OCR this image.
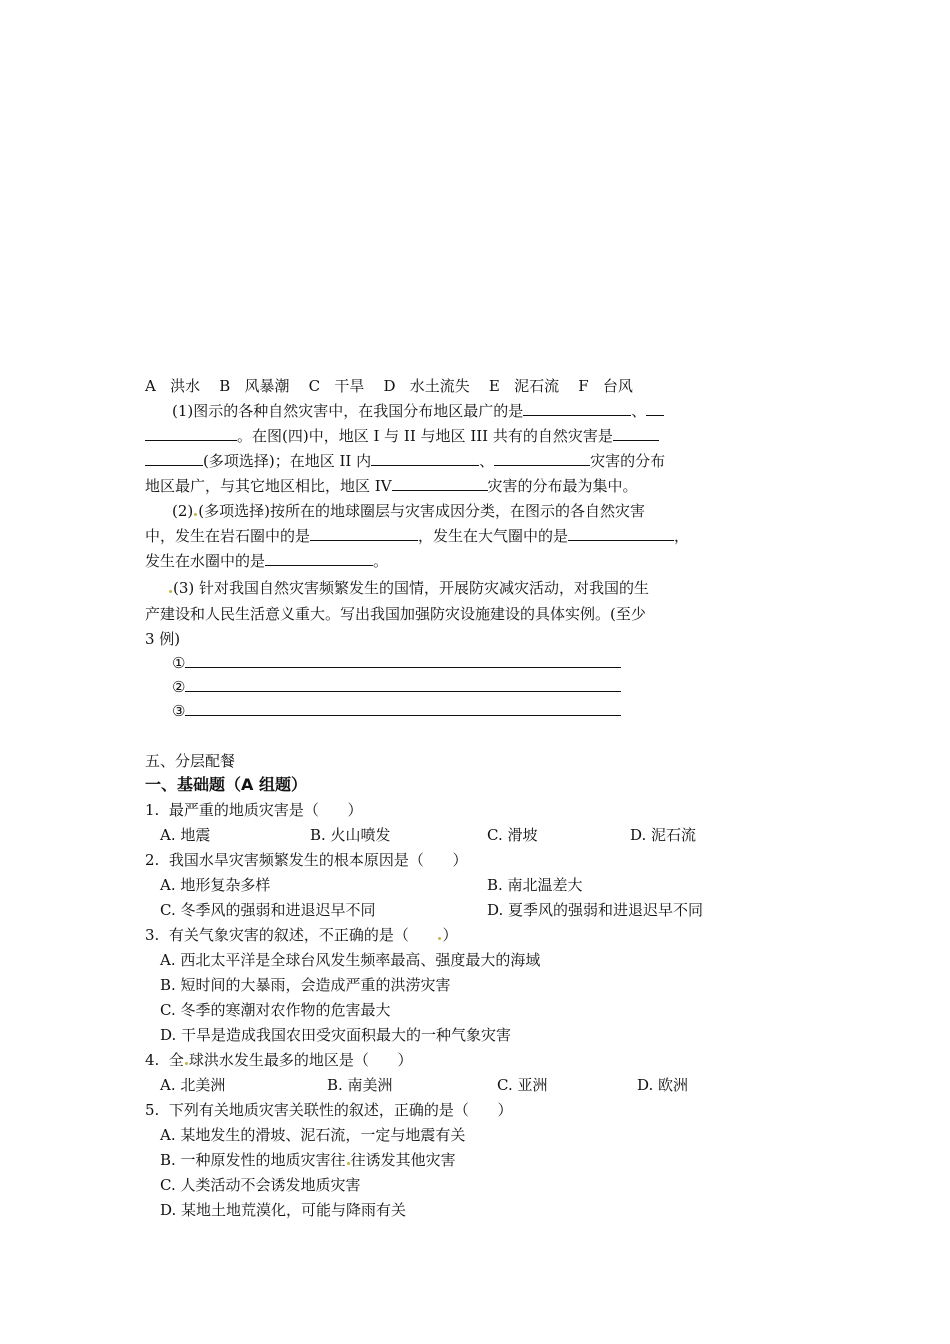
A   洪水    B   风暴潮    C   干旱    D   水土流失    E   泥石流    F   台风
(1)图示的各种自然灾害中，在我国分布地区最广的是	、
。在图(四)中，地区 I 与 II 与地区 III 共有的自然灾害是
(多项选择)；在地区 II 内	、	灾害的分布
地区最广，与其它地区相比，地区 IV	灾害的分布最为集中。
(2) (多项选择)按所在的地球圈层与灾害成因分类，在图示的各自然灾害
中，发生在岩石圈中的是	，发生在大气圈中的是	，
发生在水圈中的是	。
(3) 针对我国自然灾害频繁发生的国情，开展防灾减灾活动，对我国的生
产建设和人民生活意义重大。写出我国加强防灾设施建设的具体实例。(至少
3 例)
①
②
③
五、分层配餐
一、基础题（A 组题）
1.  最严重的地质灾害是（      ）
A. 地震	B. 火山喷发	C. 滑坡	D. 泥石流
2.  我国水旱灾害频繁发生的根本原因是（      ）
A. 地形复杂多样	B. 南北温差大
C. 冬季风的强弱和进退迟早不同	D. 夏季风的强弱和进退迟早不同
3.  有关气象灾害的叙述，不正确的是（ ）
A. 西北太平洋是全球台风发生频率最高、强度最大的海域
B. 短时间的大暴雨，会造成严重的洪涝灾害
C. 冬季的寒潮对农作物的危害最大
D. 干旱是造成我国农田受灾面积最大的一种气象灾害
4.  全 球洪水发生最多的地区是（      ）
A. 北美洲	B. 南美洲	C. 亚洲	D. 欧洲
5.  下列有关地质灾害关联性的叙述，正确的是（      ）
A. 某地发生的滑坡、泥石流，一定与地震有关
B. 一种原发性的地质灾害往 往诱发其他灾害
C. 人类活动不会诱发地质灾害
D. 某地土地荒漠化，可能与降雨有关
